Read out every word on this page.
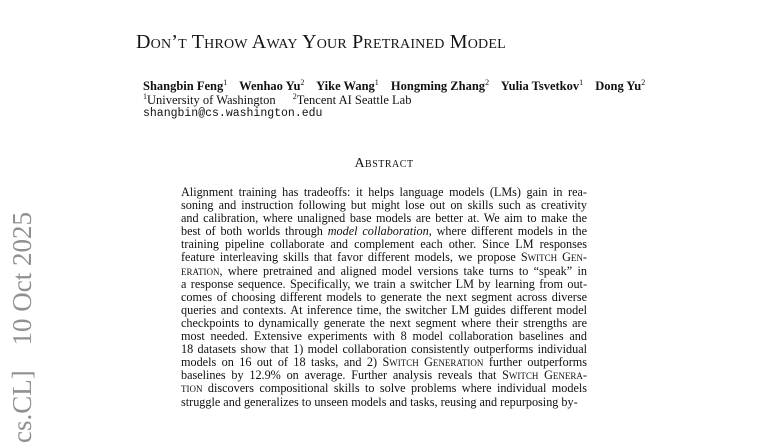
cs.CL] 10 Oct 2025
Don’t Throw Away Your Pretrained Model
Shangbin Feng$^1$ Wenhao Yu$^2$ Yike Wang$^1$ Hongming Zhang$^2$ Yulia Tsvetkov$^1$ Dong Yu$^2$
$^1$University of Washington $^2$Tencent AI Seattle Lab
shangbin@cs.washington.edu
Abstract
Alignment training has tradeoffs: it helps language models (LMs) gain in rea-
soning and instruction following but might lose out on skills such as creativity
and calibration, where unaligned base models are better at. We aim to make the
best of both worlds through model collaboration, where different models in the
training pipeline collaborate and complement each other. Since LM responses
feature interleaving skills that favor different models, we propose Switch Gen-
eration, where pretrained and aligned model versions take turns to “speak” in
a response sequence. Specifically, we train a switcher LM by learning from out-
comes of choosing different models to generate the next segment across diverse
queries and contexts. At inference time, the switcher LM guides different model
checkpoints to dynamically generate the next segment where their strengths are
most needed. Extensive experiments with 8 model collaboration baselines and
18 datasets show that 1) model collaboration consistently outperforms individual
models on 16 out of 18 tasks, and 2) Switch Generation further outperforms
baselines by 12.9% on average. Further analysis reveals that Switch Genera-
tion discovers compositional skills to solve problems where individual models
struggle and generalizes to unseen models and tasks, reusing and repurposing by-
